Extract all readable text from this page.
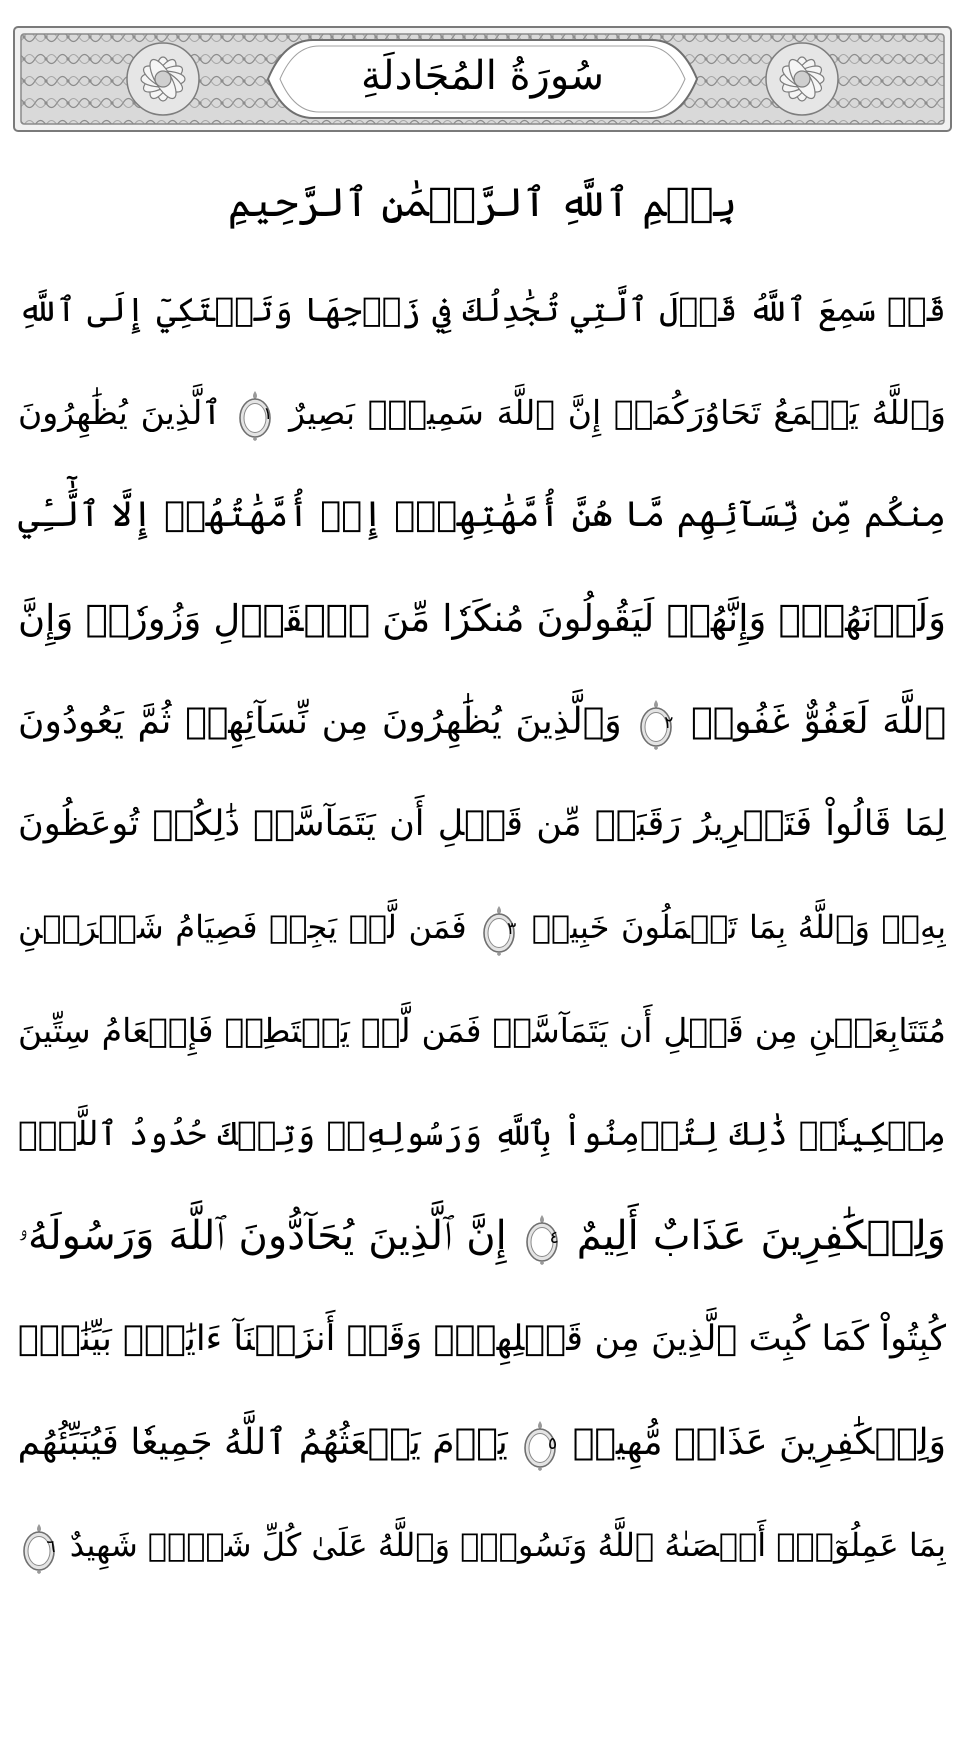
سُورَةُ المُجَادلَةِ
بِسۡمِ ٱللَّهِ ٱلرَّحۡمَٰنِ ٱلرَّحِيمِ
قَدۡ سَمِعَ ٱللَّهُ قَوۡلَ ٱلَّتِي تُجَٰدِلُكَ فِي زَوۡجِهَا وَتَشۡتَكِيٓ إِلَى ٱللَّهِ
وَٱللَّهُ يَسۡمَعُ تَحَاوُرَكُمَآۚ إِنَّ ٱللَّهَ سَمِيعُۢ بَصِيرٌ
١
ٱلَّذِينَ يُظَٰهِرُونَ
مِنكُم مِّن نِّسَآئِهِم مَّا هُنَّ أُمَّهَٰتِهِمۡۖ إِنۡ أُمَّهَٰتُهُمۡ إِلَّا ٱلَّٰٓـِٔي
وَلَدۡنَهُمۡۚ وَإِنَّهُمۡ لَيَقُولُونَ مُنكَرٗا مِّنَ ٱلۡقَوۡلِ وَزُورٗاۚ وَإِنَّ
ٱللَّهَ لَعَفُوٌّ غَفُورٞ
٢
وَٱلَّذِينَ يُظَٰهِرُونَ مِن نِّسَآئِهِمۡ ثُمَّ يَعُودُونَ
لِمَا قَالُواْ فَتَحۡرِيرُ رَقَبَةٖ مِّن قَبۡلِ أَن يَتَمَآسَّاۚ ذَٰلِكُمۡ تُوعَظُونَ
بِهِۦۚ وَٱللَّهُ بِمَا تَعۡمَلُونَ خَبِيرٞ
٣
فَمَن لَّمۡ يَجِدۡ فَصِيَامُ شَهۡرَيۡنِ
مُتَتَابِعَيۡنِ مِن قَبۡلِ أَن يَتَمَآسَّاۖ فَمَن لَّمۡ يَسۡتَطِعۡ فَإِطۡعَامُ سِتِّينَ
مِسۡكِينٗاۚ ذَٰلِكَ لِتُؤۡمِنُواْ بِٱللَّهِ وَرَسُولِهِۦۚ وَتِلۡكَ حُدُودُ ٱللَّهِۗ
وَلِلۡكَٰفِرِينَ عَذَابٌ أَلِيمٌ
٤
إِنَّ ٱلَّذِينَ يُحَآدُّونَ ٱللَّهَ وَرَسُولَهُۥ
كُبِتُواْ كَمَا كُبِتَ ٱلَّذِينَ مِن قَبۡلِهِمۡۚ وَقَدۡ أَنزَلۡنَآ ءَايَٰتِۭ بَيِّنَٰتٖۚ
وَلِلۡكَٰفِرِينَ عَذَابٞ مُّهِينٞ
٥
يَوۡمَ يَبۡعَثُهُمُ ٱللَّهُ جَمِيعٗا فَيُنَبِّئُهُم
بِمَا عَمِلُوٓاْۚ أَحۡصَىٰهُ ٱللَّهُ وَنَسُوهُۚ وَٱللَّهُ عَلَىٰ كُلِّ شَيۡءٖ شَهِيدٌ
٦
